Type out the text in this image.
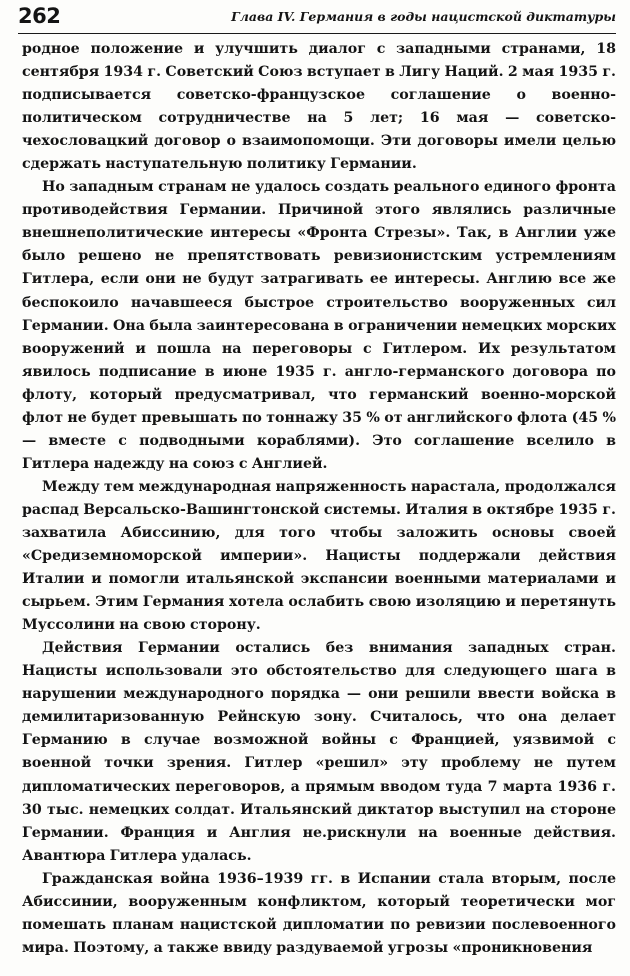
262	Глава IV. Германия в годы нацистской диктатуры

родное положение и улучшить диалог с западными странами, 18 сентября 1934 г. Советский Союз вступает в Лигу Наций. 2 мая 1935 г. подписывается советско-французское соглашение о военно-политическом сотрудничестве на 5 лет; 16 мая — советско-чехословацкий договор о взаимопомощи. Эти договоры имели целью сдержать наступательную политику Германии.

Но западным странам не удалось создать реального единого фронта противодействия Германии. Причиной этого являлись различные внешнеполитические интересы «Фронта Стрезы». Так, в Англии уже было решено не препятствовать ревизионистским устремлениям Гитлера, если они не будут затрагивать ее интересы. Англию все же беспокоило начавшееся быстрое строительство вооруженных сил Германии. Она была заинтересована в ограничении немецких морских вооружений и пошла на переговоры с Гитлером. Их результатом явилось подписание в июне 1935 г. англо-германского договора по флоту, который предусматривал, что германский военно-морской флот не будет превышать по тоннажу 35 % от английского флота (45 % — вместе с подводными кораблями). Это соглашение вселило в Гитлера надежду на союз с Англией.

Между тем международная напряженность нарастала, продолжался распад Версальско-Вашингтонской системы. Италия в октябре 1935 г. захватила Абиссинию, для того чтобы заложить основы своей «Средиземноморской империи». Нацисты поддержали действия Италии и помогли итальянской экспансии военными материалами и сырьем. Этим Германия хотела ослабить свою изоляцию и перетянуть Муссолини на свою сторону.

Действия Германии остались без внимания западных стран. Нацисты использовали это обстоятельство для следующего шага в нарушении международного порядка — они решили ввести войска в демилитаризованную Рейнскую зону. Считалось, что она делает Германию в случае возможной войны с Францией, уязвимой с военной точки зрения. Гитлер «решил» эту проблему не путем дипломатических переговоров, а прямым вводом туда 7 марта 1936 г. 30 тыс. немецких солдат. Итальянский диктатор выступил на стороне Германии. Франция и Англия не.рискнули на военные действия. Авантюра Гитлера удалась.

Гражданская война 1936–1939 гг. в Испании стала вторым, после Абиссинии, вооруженным конфликтом, который теоретически мог помешать планам нацистской дипломатии по ревизии послевоенного мира. Поэтому, а также ввиду раздуваемой угрозы «проникновения
